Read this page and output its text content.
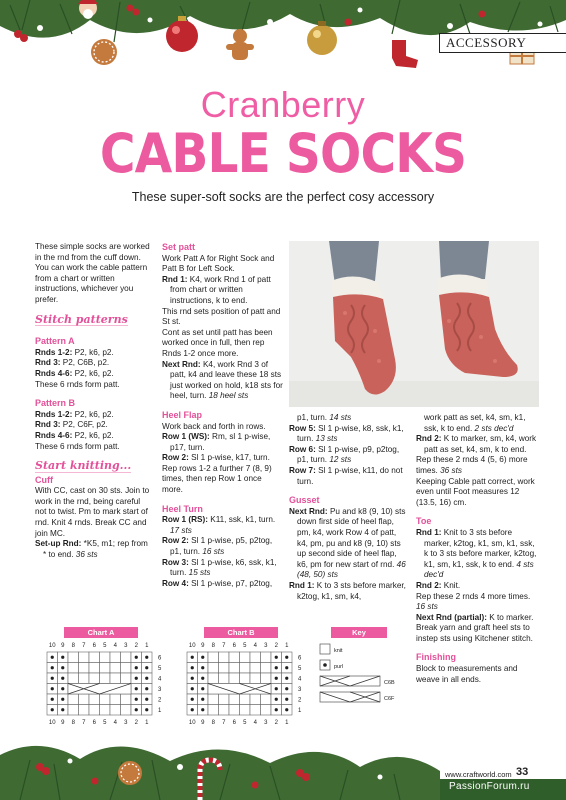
ACCESSORY
Cranberry
CABLE SOCKS
These super-soft socks are the perfect cosy accessory

These simple socks are worked in the rnd from the cuff down. You can work the cable pattern from a chart or written instructions, whichever you prefer.

Stitch patterns
Pattern A

Rnds 1-2: P2, k6, p2.

Rnd 3: P2, C6B, p2.

Rnds 4-6: P2, k6, p2.

These 6 rnds form patt.

Pattern B

Rnds 1-2: P2, k6, p2.

Rnd 3: P2, C6F, p2.

Rnds 4-6: P2, k6, p2.

These 6 rnds form patt.

Start knitting...
Cuff

With CC, cast on 30 sts. Join to work in the rnd, being careful not to twist. Pm to mark start of rnd. Knit 4 rnds. Break CC and join MC.

Set-up Rnd: *K5, m1; rep from * to end. 36 sts

Set patt

Work Patt A for Right Sock and Patt B for Left Sock.

Rnd 1: K4, work Rnd 1 of patt from chart or written instructions, k to end.

This rnd sets position of patt and St st.

Cont as set until patt has been worked once in full, then rep Rnds 1-2 once more.

Next Rnd: K4, work Rnd 3 of patt, k4 and leave these 18 sts just worked on hold, k18 sts for heel, turn. 18 heel sts

Heel Flap

Work back and forth in rows.

Row 1 (WS): Rm, sl 1 p-wise, p17, turn.

Row 2: Sl 1 p-wise, k17, turn.

Rep rows 1-2 a further 7 (8, 9) times, then rep Row 1 once more.

Heel Turn

Row 1 (RS): K11, ssk, k1, turn. 17 sts

Row 2: Sl 1 p-wise, p5, p2tog, p1, turn. 16 sts

Row 3: Sl 1 p-wise, k6, ssk, k1, turn. 15 sts

Row 4: Sl 1 p-wise, p7, p2tog,

p1, turn. 14 sts

Row 5: Sl 1 p-wise, k8, ssk, k1, turn. 13 sts

Row 6: Sl 1 p-wise, p9, p2tog, p1, turn. 12 sts

Row 7: Sl 1 p-wise, k11, do not turn.

Gusset

Next Rnd: Pu and k8 (9, 10) sts down first side of heel flap, pm, k4, work Row 4 of patt, k4, pm, pu and k8 (9, 10) sts up second side of heel flap, k6, pm for new start of rnd. 46 (48, 50) sts

Rnd 1: K to 3 sts before marker, k2tog, k1, sm, k4,

work patt as set, k4, sm, k1, ssk, k to end. 2 sts dec'd

Rnd 2: K to marker, sm, k4, work patt as set, k4, sm, k to end.

Rep these 2 rnds 4 (5, 6) more times. 36 sts

Keeping Cable patt correct, work even until Foot measures 12 (13.5, 16) cm.

Toe

Rnd 1: Knit to 3 sts before marker, k2tog, k1, sm, k1, ssk, k to 3 sts before marker, k2tog, k1, sm, k1, ssk, k to end. 4 sts dec'd

Rnd 2: Knit.

Rep these 2 rnds 4 more times. 16 sts

Next Rnd (partial): K to marker. Break yarn and graft heel sts to instep sts using Kitchener stitch.

Finishing

Block to measurements and weave in all ends.

Chart A
10
10
9
9
8
8
7
7
6
6
5
5
4
4
3
3
2
2
1
1
6
5
4
3
2
1
Chart B
10
10
9
9
8
8
7
7
6
6
5
5
4
4
3
3
2
2
1
1
6
5
4
3
2
1
Key
knit
purl
C6B
C6F
www.craftworld.com 33
PassionForum.ru
